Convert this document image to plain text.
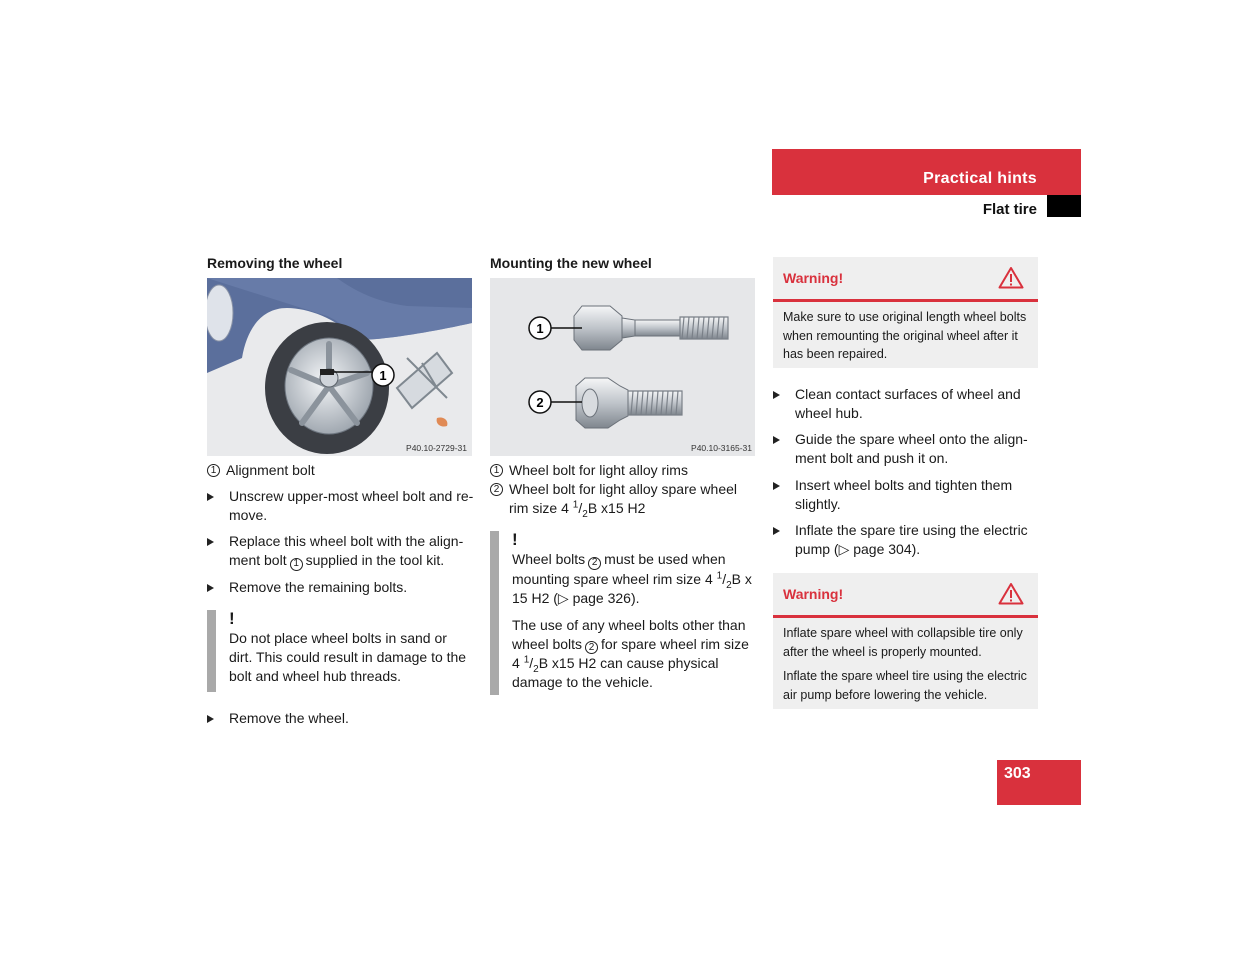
Practical hints
Flat tire
Removing the wheel
1
P40.10-2729-31
1 Alignment bolt
Unscrew upper-most wheel bolt and re-move.
Replace this wheel bolt with the align-ment bolt 1 supplied in the tool kit.
Remove the remaining bolts.
!
Do not place wheel bolts in sand or dirt. This could result in damage to the bolt and wheel hub threads.
Remove the wheel.
Mounting the new wheel
1
2
P40.10-3165-31
1 Wheel bolt for light alloy rims
2 Wheel bolt for light alloy spare wheel rim size 4 $^1/_2B$ x15 H2
!
Wheel bolts 2 must be used when mounting spare wheel rim size 4 $^1/_2B$ x 15 H2 (▷ page 326).
The use of any wheel bolts other than wheel bolts 2 for spare wheel rim size 4 $^1/_2B$ x15 H2 can cause physical damage to the vehicle.
Warning!

Make sure to use original length wheel bolts when remounting the original wheel after it has been repaired.

Clean contact surfaces of wheel and wheel hub.
Guide the spare wheel onto the align-ment bolt and push it on.
Insert wheel bolts and tighten them slightly.
Inflate the spare tire using the electric pump (▷ page 304).
Warning!

Inflate spare wheel with collapsible tire only after the wheel is properly mounted.

Inflate the spare wheel tire using the electric air pump before lowering the vehicle.

303
